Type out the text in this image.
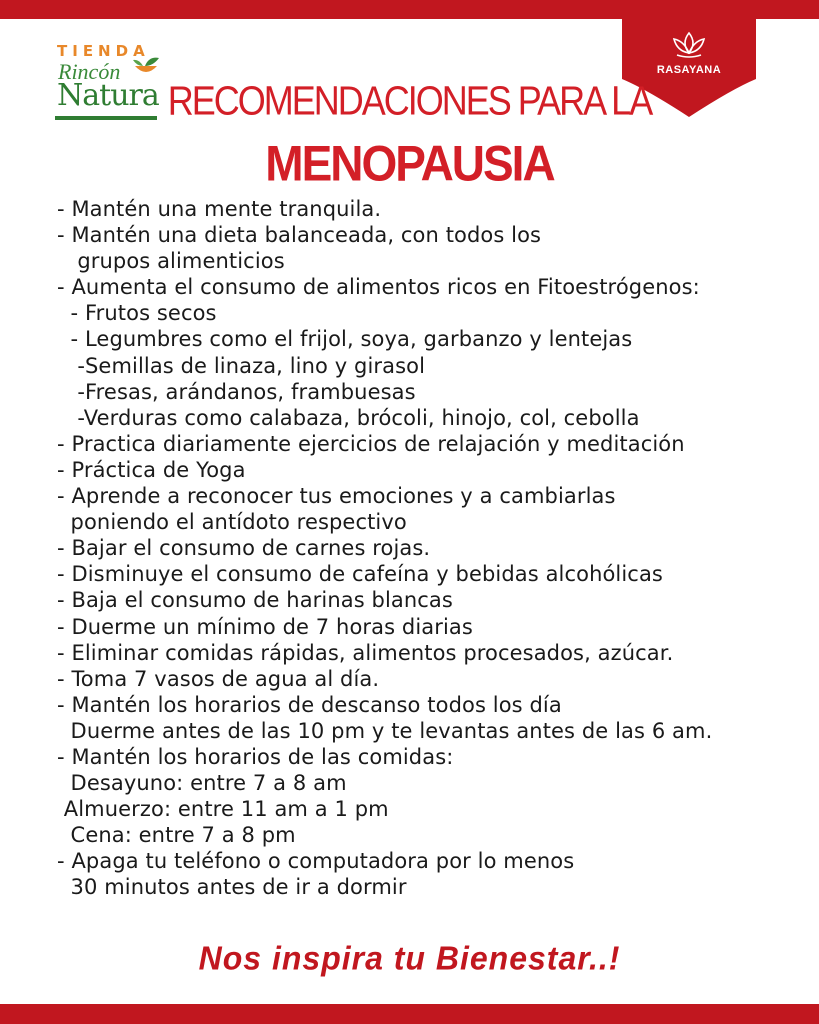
TIENDA
Rincón
Natura
RASAYANA
RECOMENDACIONES PARA LA
MENOPAUSIA
- Mantén una mente tranquila.
- Mantén una dieta balanceada, con todos los
grupos alimenticios
- Aumenta el consumo de alimentos ricos en Fitoestrógenos:
- Frutos secos
- Legumbres como el frijol, soya, garbanzo y lentejas
-Semillas de linaza, lino y girasol
-Fresas, arándanos, frambuesas
-Verduras como calabaza, brócoli, hinojo, col, cebolla
- Practica diariamente ejercicios de relajación y meditación
- Práctica de Yoga
- Aprende a reconocer tus emociones y a cambiarlas
poniendo el antídoto respectivo
- Bajar el consumo de carnes rojas.
- Disminuye el consumo de cafeína y bebidas alcohólicas
- Baja el consumo de harinas blancas
- Duerme un mínimo de 7 horas diarias
- Eliminar comidas rápidas, alimentos procesados, azúcar.
- Toma 7 vasos de agua al día.
- Mantén los horarios de descanso todos los día
Duerme antes de las 10 pm y te levantas antes de las 6 am.
- Mantén los horarios de las comidas:
Desayuno: entre 7 a 8 am
Almuerzo: entre 11 am a 1 pm
Cena: entre 7 a 8 pm
- Apaga tu teléfono o computadora por lo menos
30 minutos antes de ir a dormir
Nos inspira tu Bienestar..!
